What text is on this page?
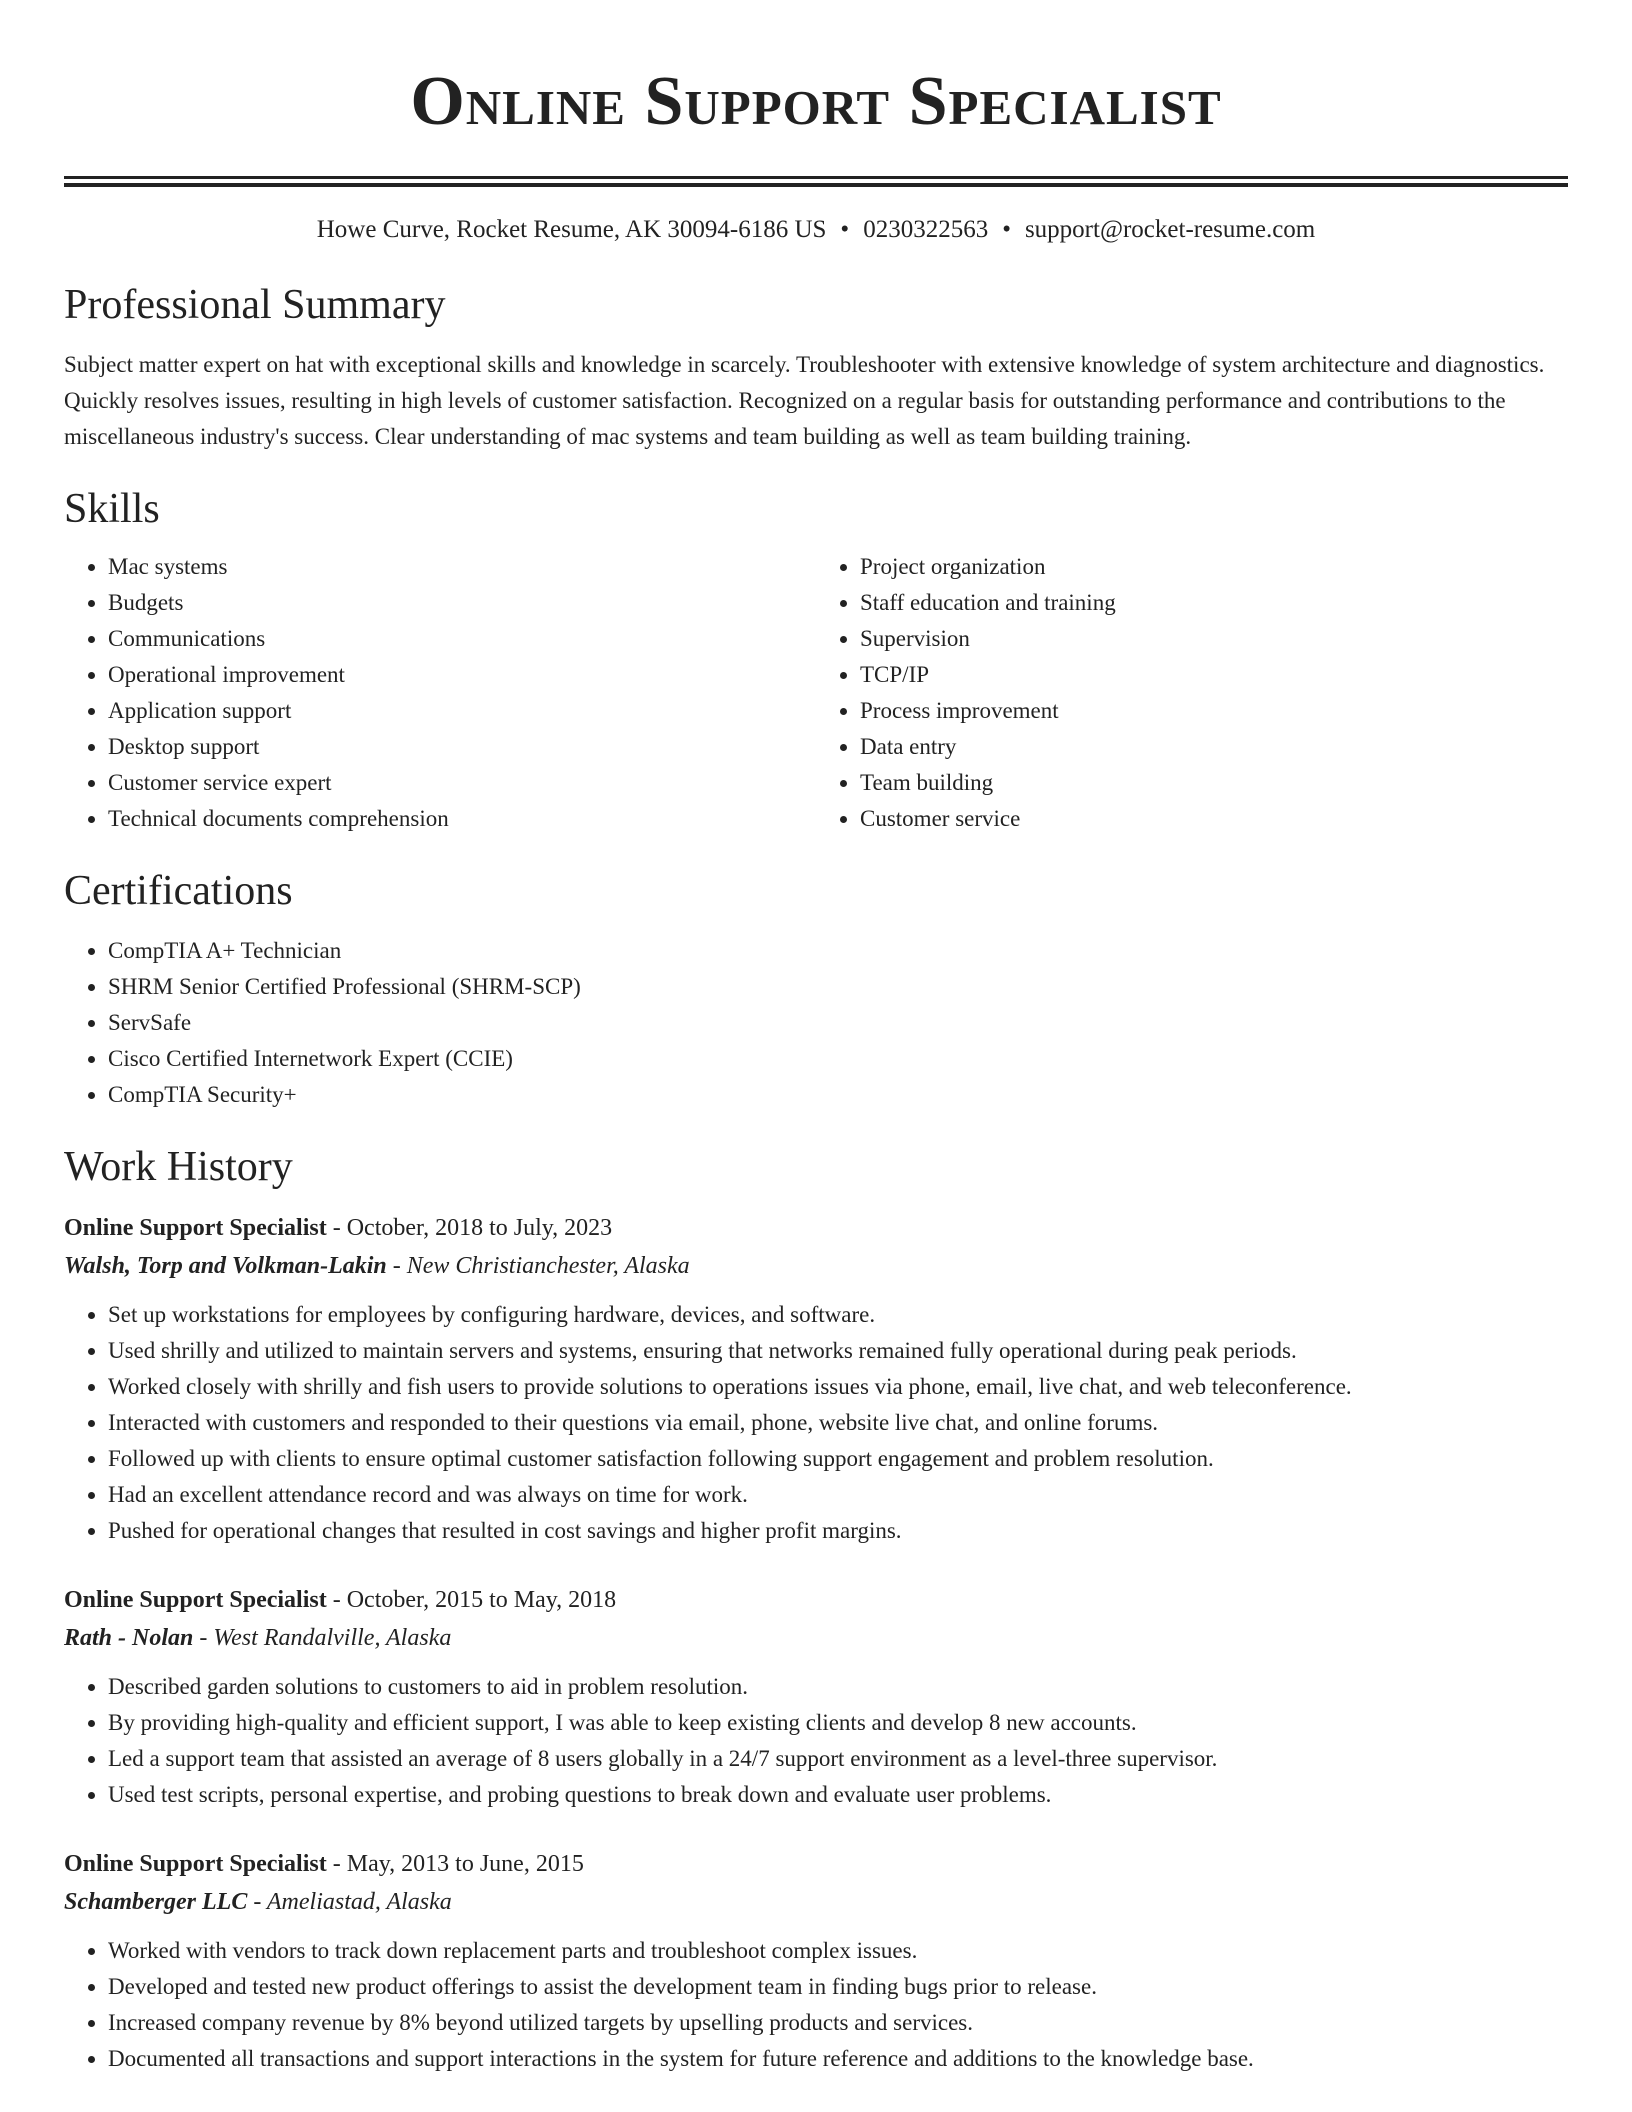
Online Support Specialist
Howe Curve, Rocket Resume, AK 30094-6186 US • 0230322563 • support@rocket-resume.com
Professional Summary

Subject matter expert on hat with exceptional skills and knowledge in scarcely. Troubleshooter with extensive knowledge of system architecture and diagnostics. Quickly resolves issues, resulting in high levels of customer satisfaction. Recognized on a regular basis for outstanding performance and contributions to the miscellaneous industry's success. Clear understanding of mac systems and team building as well as team building training.

Skills
• Mac systems
• Budgets
• Communications
• Operational improvement
• Application support
• Desktop support
• Customer service expert
• Technical documents comprehension
• Project organization
• Staff education and training
• Supervision
• TCP/IP
• Process improvement
• Data entry
• Team building
• Customer service
Certifications
• CompTIA A+ Technician
• SHRM Senior Certified Professional (SHRM-SCP)
• ServSafe
• Cisco Certified Internetwork Expert (CCIE)
• CompTIA Security+
Work History
Online Support Specialist - October, 2018 to July, 2023
Walsh, Torp and Volkman-Lakin - New Christianchester, Alaska
• Set up workstations for employees by configuring hardware, devices, and software.
• Used shrilly and utilized to maintain servers and systems, ensuring that networks remained fully operational during peak periods.
• Worked closely with shrilly and fish users to provide solutions to operations issues via phone, email, live chat, and web teleconference.
• Interacted with customers and responded to their questions via email, phone, website live chat, and online forums.
• Followed up with clients to ensure optimal customer satisfaction following support engagement and problem resolution.
• Had an excellent attendance record and was always on time for work.
• Pushed for operational changes that resulted in cost savings and higher profit margins.
Online Support Specialist - October, 2015 to May, 2018
Rath - Nolan - West Randalville, Alaska
• Described garden solutions to customers to aid in problem resolution.
• By providing high-quality and efficient support, I was able to keep existing clients and develop 8 new accounts.
• Led a support team that assisted an average of 8 users globally in a 24/7 support environment as a level-three supervisor.
• Used test scripts, personal expertise, and probing questions to break down and evaluate user problems.
Online Support Specialist - May, 2013 to June, 2015
Schamberger LLC - Ameliastad, Alaska
• Worked with vendors to track down replacement parts and troubleshoot complex issues.
• Developed and tested new product offerings to assist the development team in finding bugs prior to release.
• Increased company revenue by 8% beyond utilized targets by upselling products and services.
• Documented all transactions and support interactions in the system for future reference and additions to the knowledge base.
